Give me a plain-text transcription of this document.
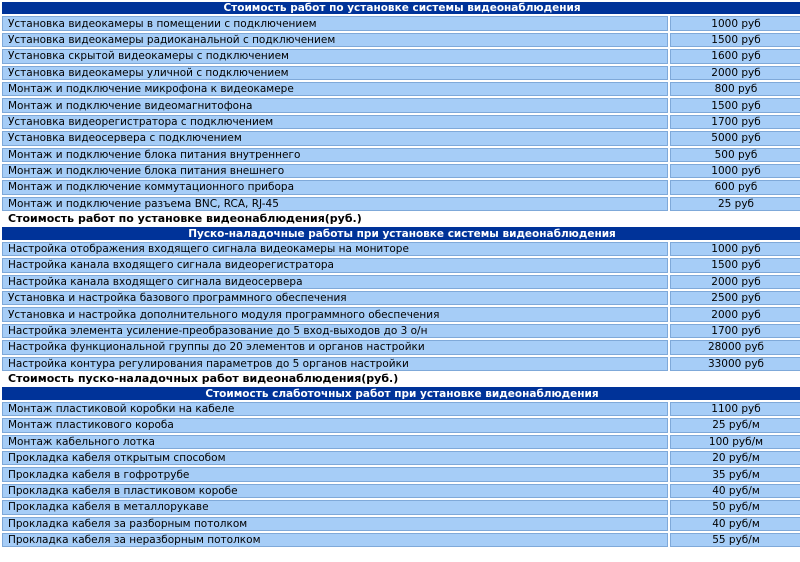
Стоимость работ по установке системы видеонаблюдения	
Установка видеокамеры в помещении с подключением	1000 руб
Установка видеокамеры радиоканальной с подключением	1500 руб
Установка скрытой видеокамеры с подключением	1600 руб
Установка видеокамеры уличной с подключением	2000 руб
Монтаж и подключение микрофона к видеокамере	800 руб
Монтаж и подключение видеомагнитофона	1500 руб
Установка видеорегистратора с подключением	1700 руб
Установка видеосервера с подключением	5000 руб
Монтаж и подключение блока питания внутреннего	500 руб
Монтаж и подключение блока питания внешнего	1000 руб
Монтаж и подключение коммутационного прибора	600 руб
Монтаж и подключение разъема BNC, RCA, RJ-45	25 руб
Стоимость работ по установке видеонаблюдения(руб.)	
Пуско-наладочные работы при установке системы видеонаблюдения	
Настройка отображения входящего сигнала видеокамеры на мониторе	1000 руб
Настройка канала входящего сигнала видеорегистратора	1500 руб
Настройка канала входящего сигнала видеосервера	2000 руб
Установка и настройка базового программного обеспечения	2500 руб
Установка и настройка дополнительного модуля программного обеспечения	2000 руб
Настройка элемента усиление-преобразование до 5 вход-выходов до 3 о/н	1700 руб
Настройка функциональной группы до 20 элементов и органов настройки	28000 руб
Настройка контура регулирования параметров до 5 органов настройки	33000 руб
Стоимость пуско-наладочных работ видеонаблюдения(руб.)	
Стоимость слаботочных работ при установке видеонаблюдения	
Монтаж пластиковой коробки на кабеле	1100 руб
Монтаж пластикового короба	25 руб/м
Монтаж кабельного лотка	100 руб/м
Прокладка кабеля открытым способом	20 руб/м
Прокладка кабеля в гофротрубе	35 руб/м
Прокладка кабеля в пластиковом коробе	40 руб/м
Прокладка кабеля в металлорукаве	50 руб/м
Прокладка кабеля за разборным потолком	40 руб/м
Прокладка кабеля за неразборным потолком	55 руб/м
